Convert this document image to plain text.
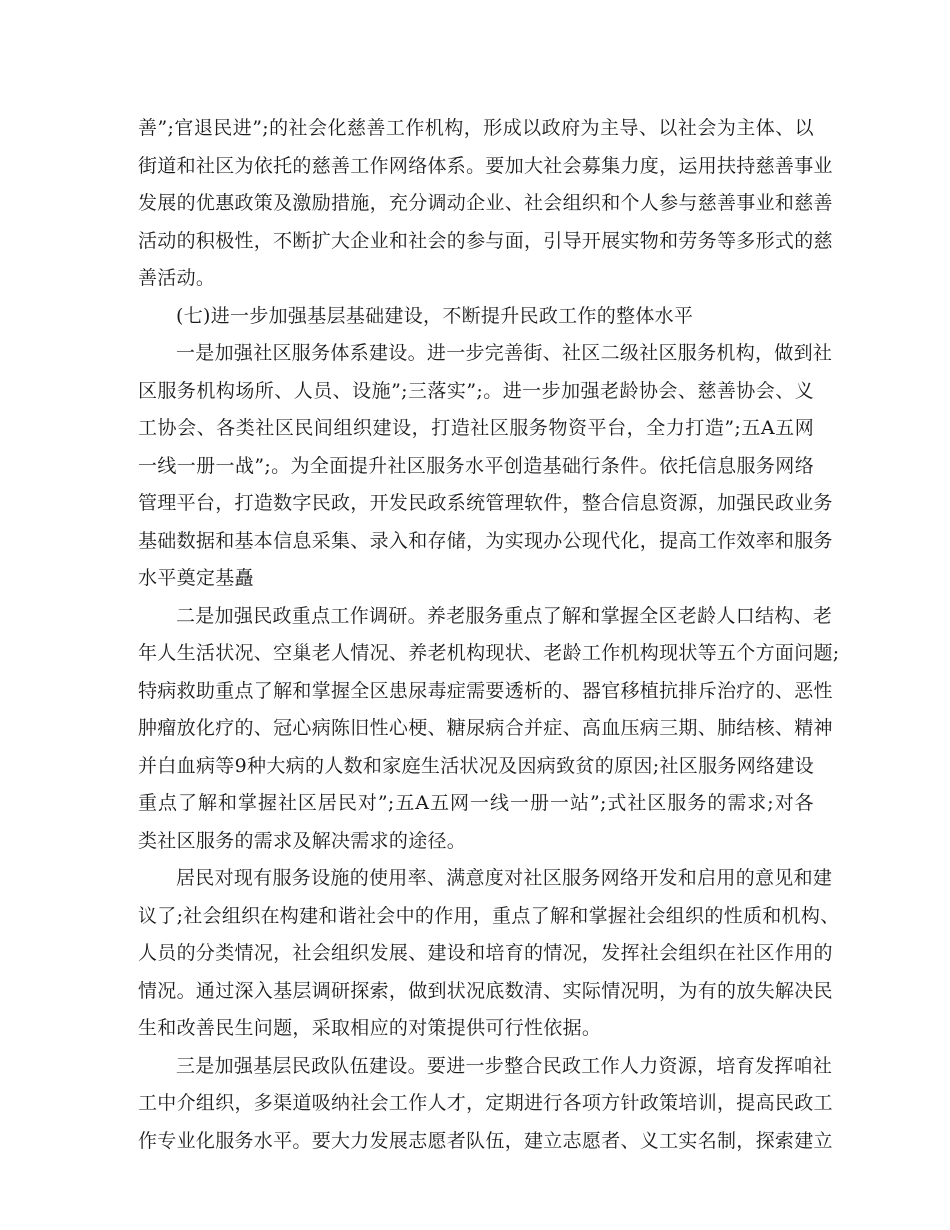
善”;官退民进”;的社会化慈善工作机构，形成以政府为主导、以社会为主体、以
街道和社区为依托的慈善工作网络体系。要加大社会募集力度，运用扶持慈善事业
发展的优惠政策及激励措施，充分调动企业、社会组织和个人参与慈善事业和慈善
活动的积极性，不断扩大企业和社会的参与面，引导开展实物和劳务等多形式的慈
善活动。
(七)进一步加强基层基础建设，不断提升民政工作的整体水平
一是加强社区服务体系建设。进一步完善街、社区二级社区服务机构，做到社
区服务机构场所、人员、设施”;三落实”;。进一步加强老龄协会、慈善协会、义
工协会、各类社区民间组织建设，打造社区服务物资平台，全力打造”;五A五网
一线一册一战”;。为全面提升社区服务水平创造基础行条件。依托信息服务网络
管理平台，打造数字民政，开发民政系统管理软件，整合信息资源，加强民政业务
基础数据和基本信息采集、录入和存储，为实现办公现代化，提高工作效率和服务
水平奠定基矗
二是加强民政重点工作调研。养老服务重点了解和掌握全区老龄人口结构、老
年人生活状况、空巢老人情况、养老机构现状、老龄工作机构现状等五个方面问题;
特病救助重点了解和掌握全区患尿毒症需要透析的、器官移植抗排斥治疗的、恶性
肿瘤放化疗的、冠心病陈旧性心梗、糖尿病合并症、高血压病三期、肺结核、精神
并白血病等9种大病的人数和家庭生活状况及因病致贫的原因;社区服务网络建设
重点了解和掌握社区居民对”;五A五网一线一册一站”;式社区服务的需求;对各
类社区服务的需求及解决需求的途径。
居民对现有服务设施的使用率、满意度对社区服务网络开发和启用的意见和建
议了;社会组织在构建和谐社会中的作用，重点了解和掌握社会组织的性质和机构、
人员的分类情况，社会组织发展、建设和培育的情况，发挥社会组织在社区作用的
情况。通过深入基层调研探索，做到状况底数清、实际情况明，为有的放失解决民
生和改善民生问题，采取相应的对策提供可行性依据。
三是加强基层民政队伍建设。要进一步整合民政工作人力资源，培育发挥咱社
工中介组织，多渠道吸纳社会工作人才，定期进行各项方针政策培训，提高民政工
作专业化服务水平。要大力发展志愿者队伍，建立志愿者、义工实名制，探索建立
